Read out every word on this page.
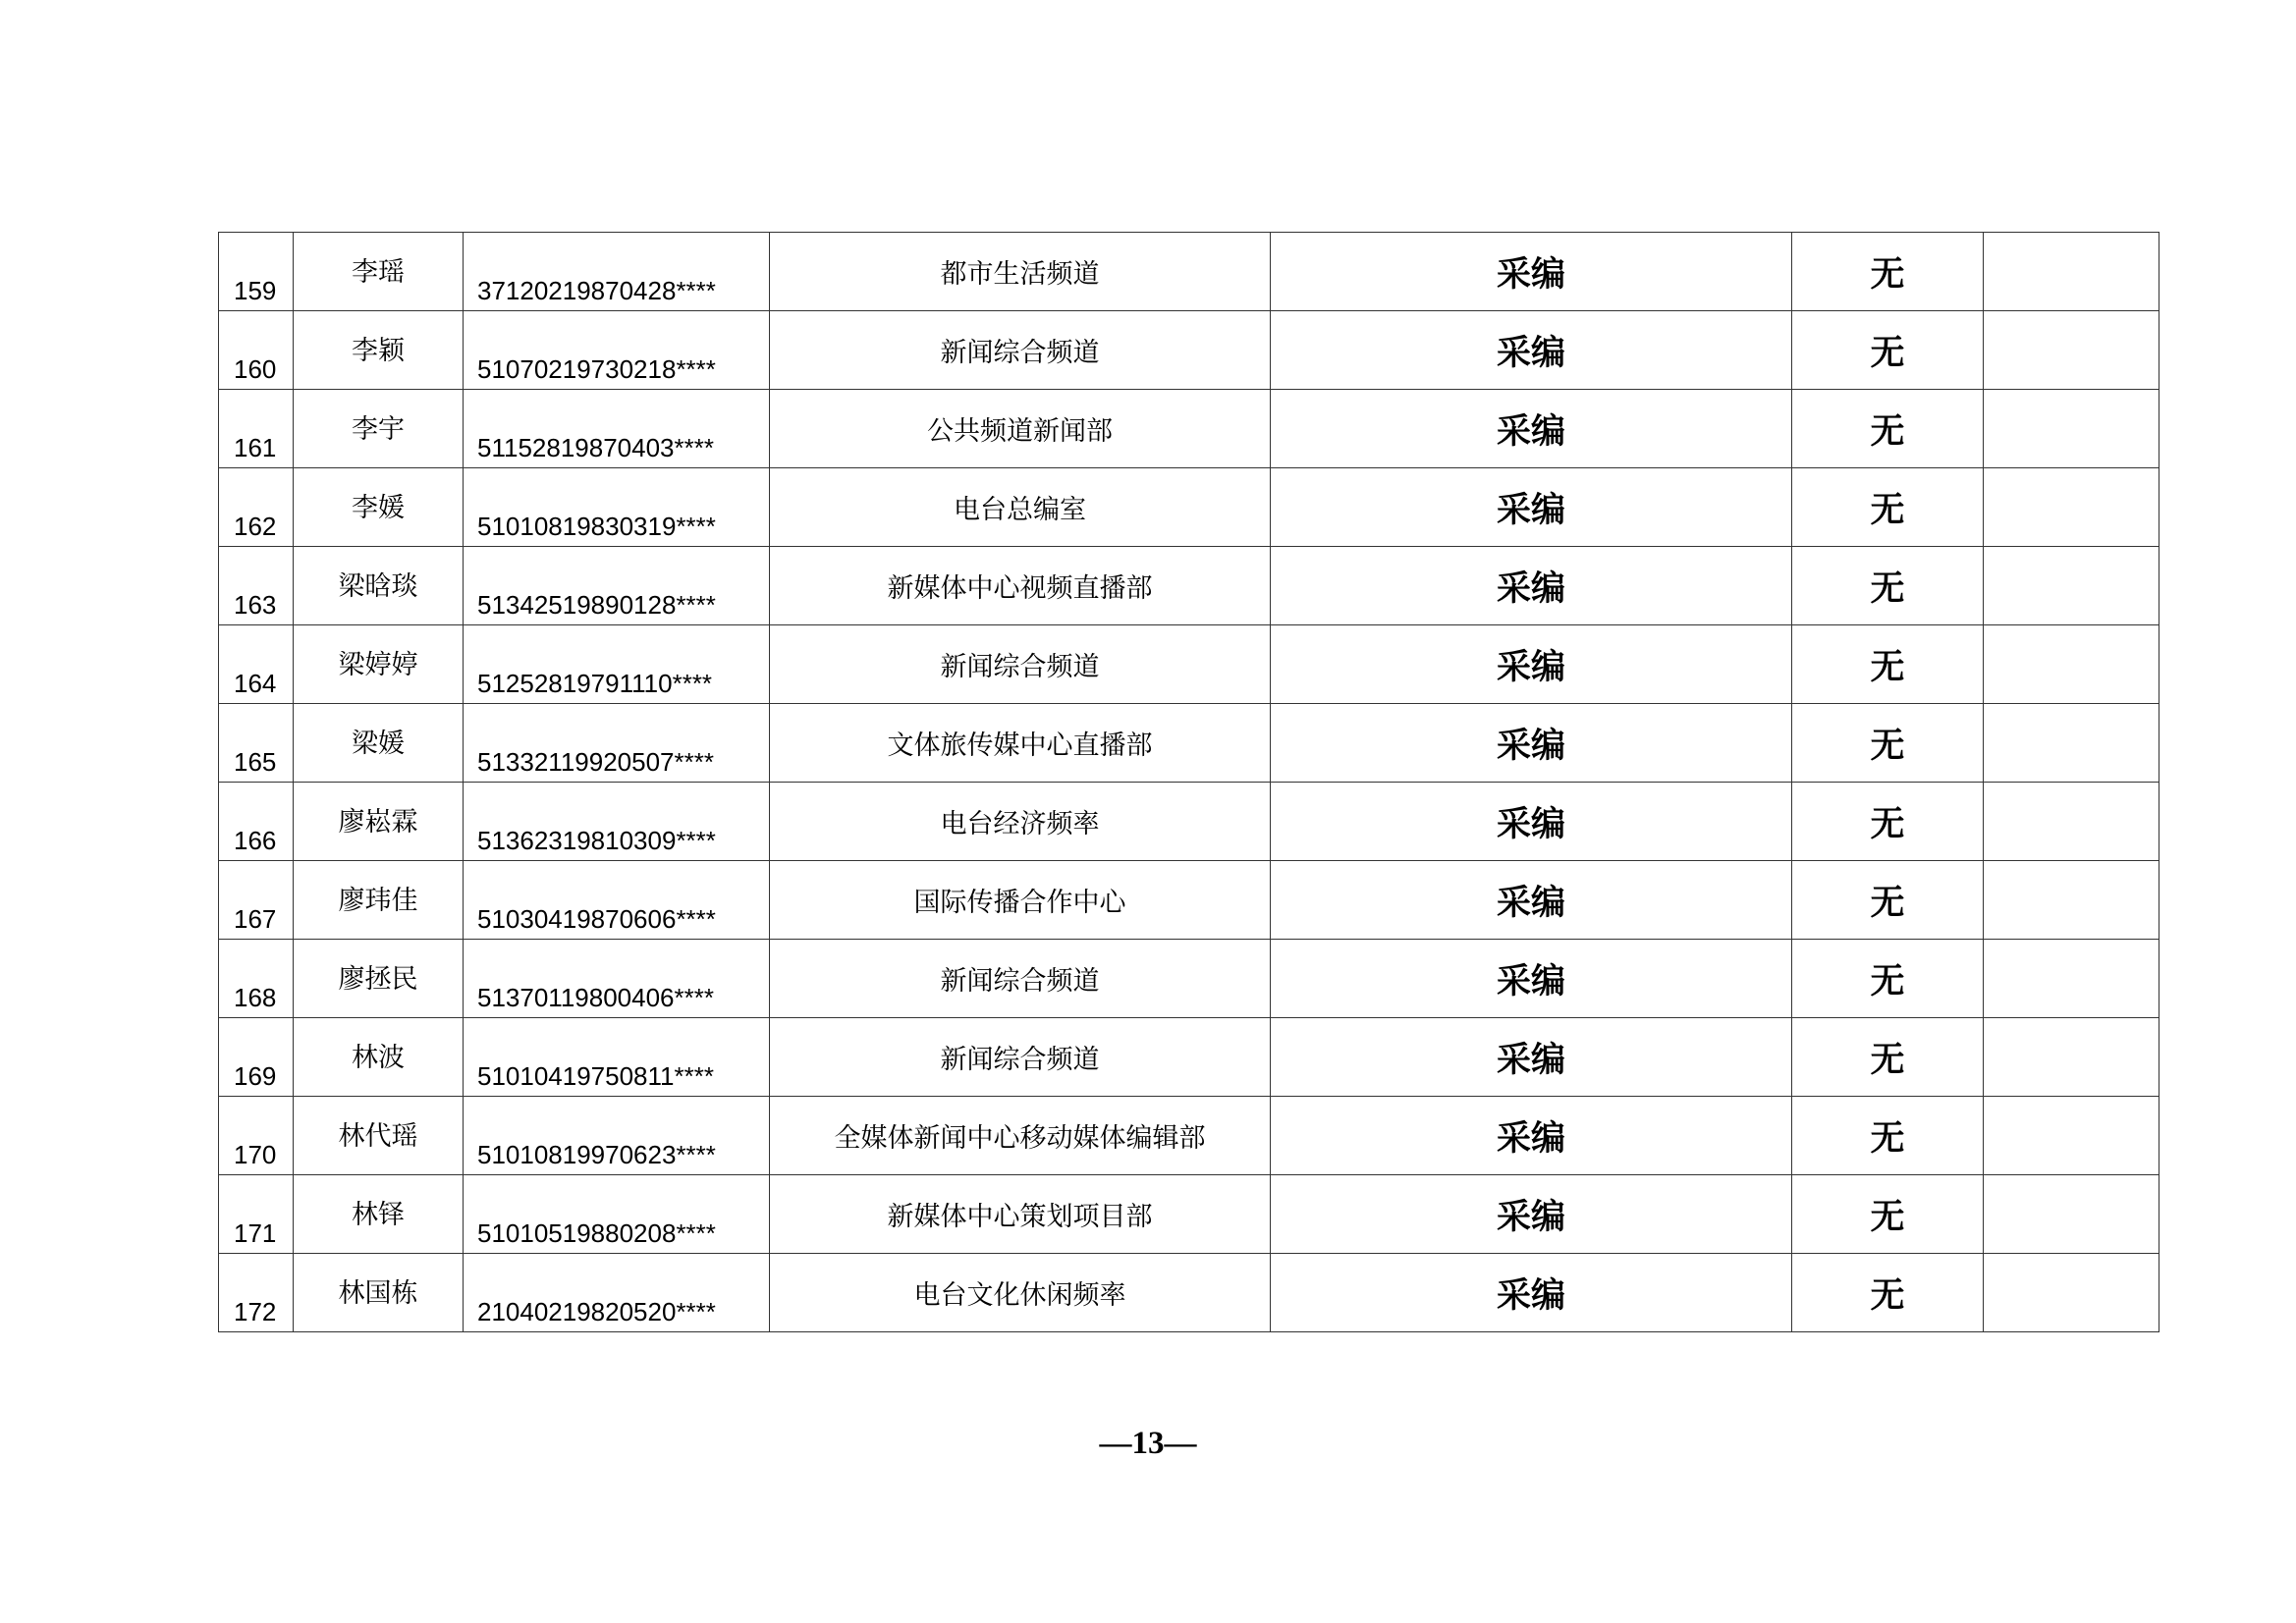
159	李瑶	37120219870428****	都市生活频道	采编	无	
160	李颖	51070219730218****	新闻综合频道	采编	无	
161	李宇	51152819870403****	公共频道新闻部	采编	无	
162	李媛	51010819830319****	电台总编室	采编	无	
163	梁晗琰	51342519890128****	新媒体中心视频直播部	采编	无	
164	梁婷婷	51252819791110****	新闻综合频道	采编	无	
165	梁媛	51332119920507****	文体旅传媒中心直播部	采编	无	
166	廖崧霖	51362319810309****	电台经济频率	采编	无	
167	廖玮佳	51030419870606****	国际传播合作中心	采编	无	
168	廖拯民	51370119800406****	新闻综合频道	采编	无	
169	林波	51010419750811****	新闻综合频道	采编	无	
170	林代瑶	51010819970623****	全媒体新闻中心移动媒体编辑部	采编	无	
171	林铎	51010519880208****	新媒体中心策划项目部	采编	无	
172	林国栋	21040219820520****	电台文化休闲频率	采编	无	
—13—
